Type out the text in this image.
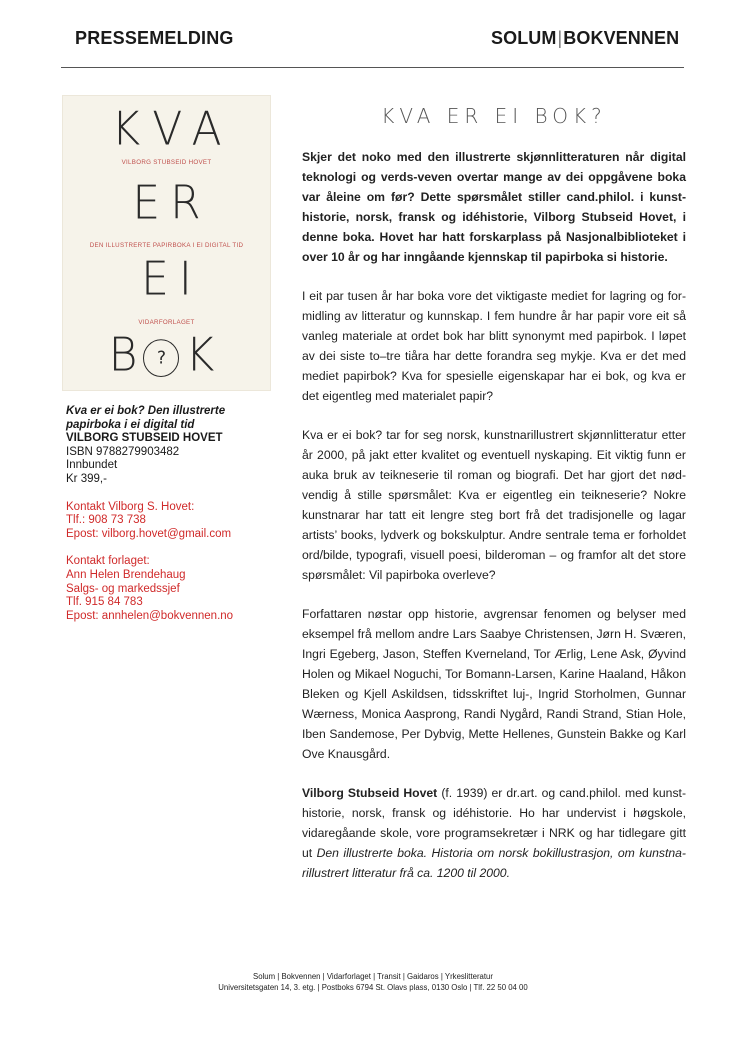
PRESSEMELDING	SOLUM|BOKVENNEN
KVA
VILBORG STUBSEID HOVET
ER
DEN ILLUSTRERTE PAPIRBOKA I EI DIGITAL TID
EI
VIDARFORLAGET
B ? K
Kva er ei bok? Den illustrerte papirboka i ei digital tid
VILBORG STUBSEID HOVET
ISBN 9788279903482
Innbundet
Kr 399,-
Kontakt Vilborg S. Hovet:
Tlf.: 908 73 738
Epost: vilborg.hovet@gmail.com
Kontakt forlaget:
Ann Helen Brendehaug
Salgs- og markedssjef
Tlf. 915 84 783
Epost: annhelen@bokvennen.no
KVA ER EI BOK?

Skjer det noko med den illustrerte skjønnlitteraturen når digital teknologi og verds-veven overtar mange av dei oppgåvene boka var åleine om før? Dette spørsmålet stiller cand.philol. i kunsthistorie, norsk, fransk og idéhistorie, Vilborg Stubseid Hovet, i denne boka. Hovet har hatt forskarplass på Nasjonalbiblioteket i over 10 år og har inngåande kjennskap til papirboka si historie.

I eit par tusen år har boka vore det viktigaste mediet for lagring og formidling av litteratur og kunnskap. I fem hundre år har papir vore eit så vanleg materiale at ordet bok har blitt synonymt med papirbok. I løpet av dei siste to–tre tiåra har dette forandra seg mykje. Kva er det med mediet papirbok? Kva for spesielle eigenskapar har ei bok, og kva er det eigentleg med materialet papir?

Kva er ei bok? tar for seg norsk, kunstnarillustrert skjønnlitteratur etter år 2000, på jakt etter kvalitet og eventuell nyskaping. Eit viktig funn er auka bruk av teikneserie til roman og biografi. Det har gjort det nødvendig å stille spørsmålet: Kva er eigentleg ein teikneserie? Nokre kunstnarar har tatt eit lengre steg bort frå det tradisjonelle og lagar artists’ books, lydverk og bokskulptur. Andre sentrale tema er forholdet ord/bilde, typografi, visuell poesi, bilderoman – og framfor alt det store spørsmålet: Vil papirboka overleve?

Forfattaren nøstar opp historie, avgrensar fenomen og belyser med eksempel frå mellom andre Lars Saabye Christensen, Jørn H. Sværen, Ingri Egeberg, Jason, Steffen Kverneland, Tor Ærlig, Lene Ask, Øyvind Holen og Mikael Noguchi, Tor Bomann-Larsen, Karine Haaland, Håkon Bleken og Kjell Askildsen, tidsskriftet luj-, Ingrid Storholmen, Gunnar Wærness, Monica Aasprong, Randi Nygård, Randi Strand, Stian Hole, Iben Sandemose, Per Dybvig, Mette Hellenes, Gunstein Bakke og Karl Ove Knausgård.

Vilborg Stubseid Hovet (f. 1939) er dr.art. og cand.philol. med kunsthistorie, norsk, fransk og idéhistorie. Ho har undervist i høgskole, vidaregåande skole, vore programsekretær i NRK og har tidlegare gitt ut Den illustrerte boka. Historia om norsk bokillustrasjon, om kunstnarillustrert litteratur frå ca. 1200 til 2000.

Solum | Bokvennen | Vidarforlaget | Transit | Gaidaros | Yrkeslitteratur
Universitetsgaten 14, 3. etg. | Postboks 6794 St. Olavs plass, 0130 Oslo | Tlf. 22 50 04 00
